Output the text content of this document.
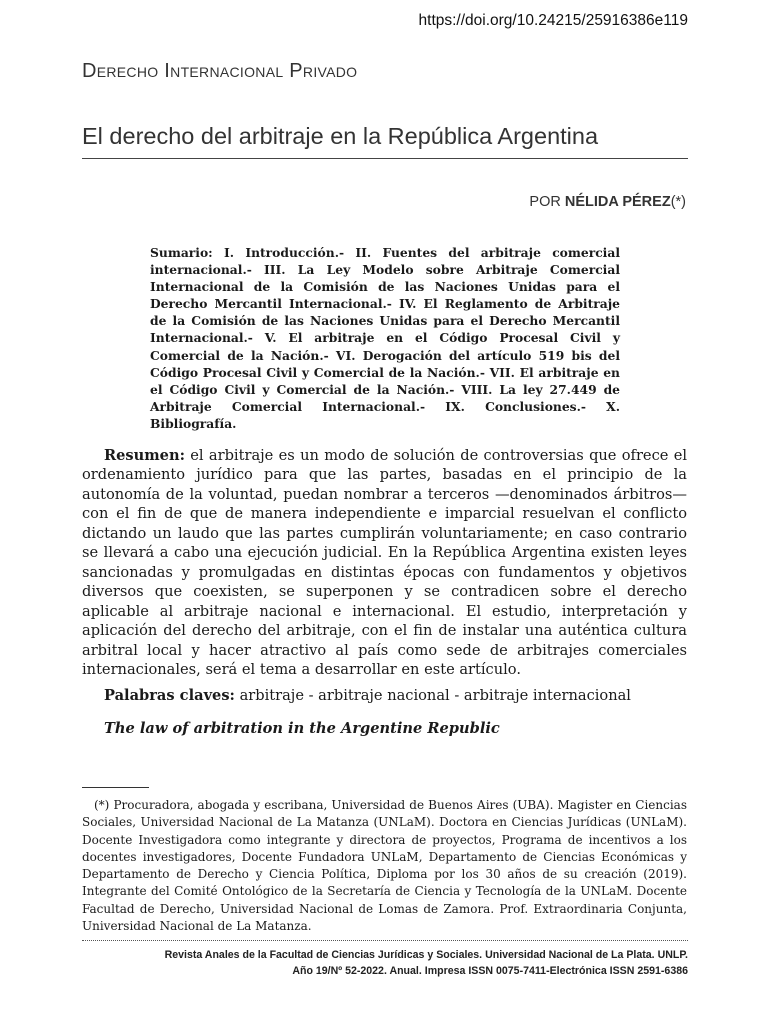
https://doi.org/10.24215/25916386e119
Derecho Internacional Privado
El derecho del arbitraje en la República Argentina
POR NÉLIDA PÉREZ(*)
Sumario: I. Introducción.- II. Fuentes del arbitraje comercial internacional.- III. La Ley Modelo sobre Arbitraje Comercial Internacional de la Comisión de las Naciones Unidas para el Derecho Mercantil Internacional.- IV. El Reglamento de Arbitraje de la Comisión de las Naciones Unidas para el Derecho Mercantil Internacional.- V. El arbitraje en el Código Procesal Civil y Comercial de la Nación.- VI. Derogación del artículo 519 bis del Código Procesal Civil y Comercial de la Nación.- VII. El arbitraje en el Código Civil y Comercial de la Nación.- VIII. La ley 27.449 de Arbitraje Comercial Internacional.- IX. Conclusiones.- X. Bibliografía.

Resumen: el arbitraje es un modo de solución de controversias que ofrece el ordenamiento jurídico para que las partes, basadas en el principio de la autonomía de la voluntad, puedan nombrar a terceros —denominados árbitros— con el fin de que de manera independiente e imparcial resuelvan el conflicto dictando un laudo que las partes cumplirán voluntariamente; en caso contrario se llevará a cabo una ejecución judicial. En la República Argentina existen leyes sancionadas y promulgadas en distintas épocas con fundamentos y objetivos diversos que coexisten, se superponen y se contradicen sobre el derecho aplicable al arbitraje nacional e internacional. El estudio, interpretación y aplicación del derecho del arbitraje, con el fin de instalar una auténtica cultura arbitral local y hacer atractivo al país como sede de arbitrajes comerciales internacionales, será el tema a desarrollar en este artículo.

Palabras claves: arbitraje - arbitraje nacional - arbitraje internacional
The law of arbitration in the Argentine Republic

(*) Procuradora, abogada y escribana, Universidad de Buenos Aires (UBA). Magister en Ciencias Sociales, Universidad Nacional de La Matanza (UNLaM). Doctora en Ciencias Jurídicas (UNLaM). Docente Investigadora como integrante y directora de proyectos, Programa de incentivos a los docentes investigadores, Docente Fundadora UNLaM, Departamento de Ciencias Económicas y Departamento de Derecho y Ciencia Política, Diploma por los 30 años de su creación (2019). Integrante del Comité Ontológico de la Secretaría de Ciencia y Tecnología de la UNLaM. Docente Facultad de Derecho, Universidad Nacional de Lomas de Zamora. Prof. Extraordinaria Conjunta, Universidad Nacional de La Matanza.

Revista Anales de la Facultad de Ciencias Jurídicas y Sociales. Universidad Nacional de La Plata. UNLP.
Año 19/Nº 52-2022. Anual. Impresa ISSN 0075-7411-Electrónica ISSN 2591-6386
